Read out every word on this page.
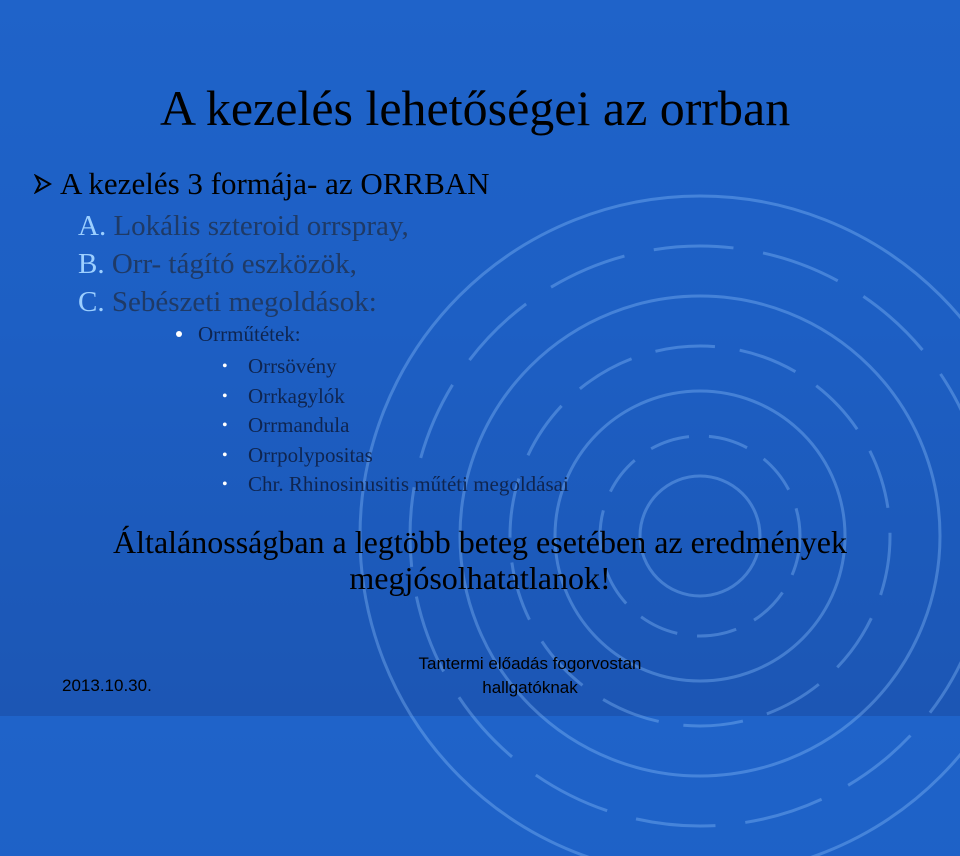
A kezelés lehetőségei az orrban
A kezelés 3 formája- az ORRBAN
A. Lokális szteroid orrspray,
B. Orr- tágító eszközök,
C. Sebészeti megoldások:
Orrműtétek:
• Orrsövény
• Orrkagylók
• Orrmandula
• Orrpolypositas
• Chr. Rhinosinusitis műtéti megoldásai
Általánosságban a legtöbb beteg esetében az eredmények
megjósolhatatlanok!
2013.10.30.
Tantermi előadás fogorvostan
hallgatóknak
